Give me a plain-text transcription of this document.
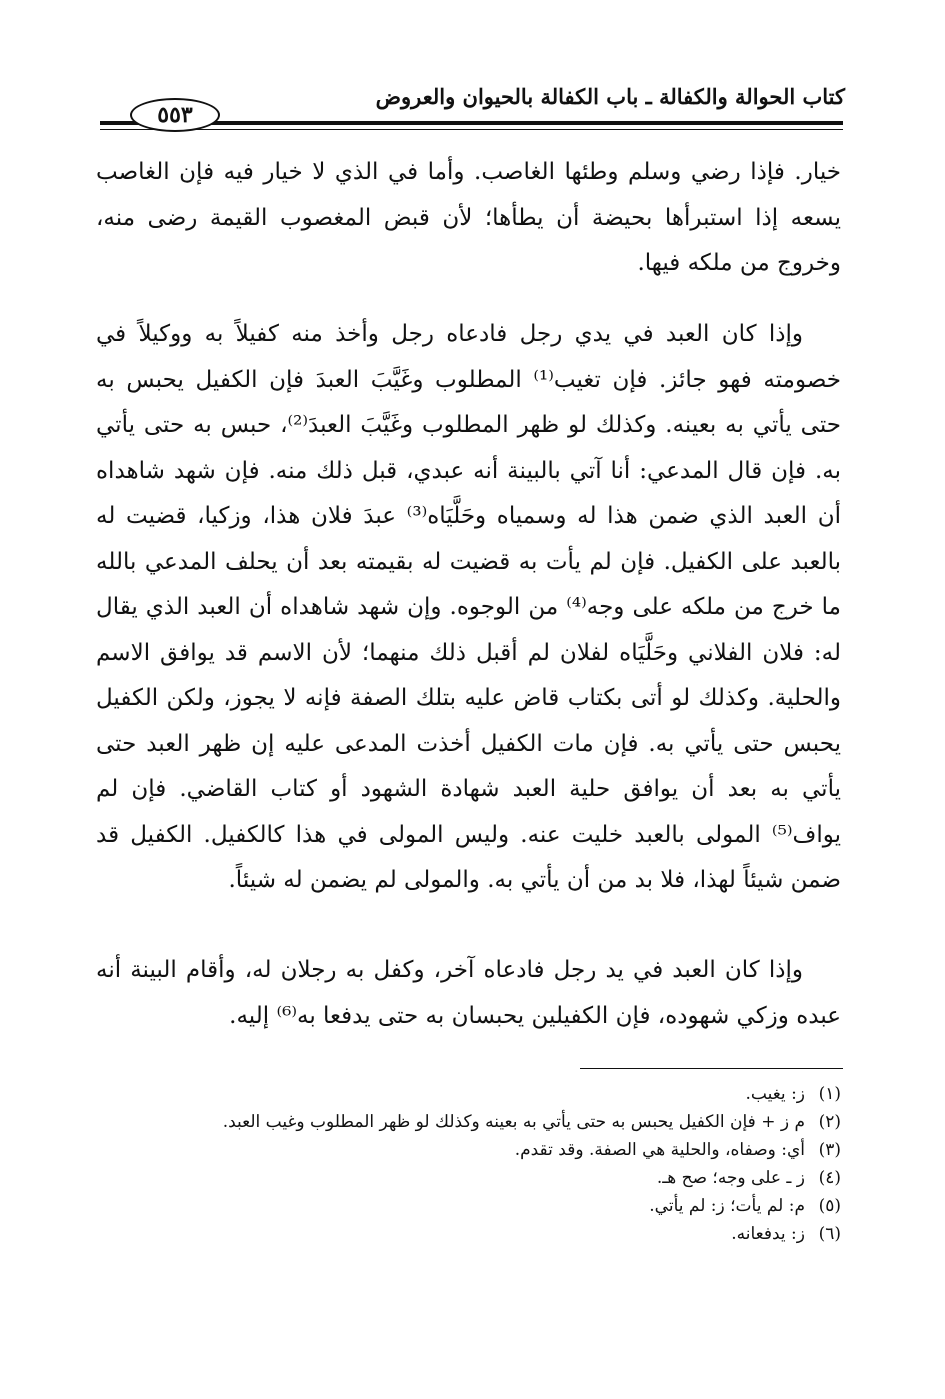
كتاب الحوالة والكفالة ـ باب الكفالة بالحيوان والعروض
٥٥٣

خيار. فإذا رضي وسلم وطئها الغاصب. وأما في الذي لا خيار فيه فإن الغاصب يسعه إذا استبرأها بحيضة أن يطأها؛ لأن قبض المغصوب القيمة رضى منه، وخروج من ملكه فيها.

وإذا كان العبد في يدي رجل فادعاه رجل وأخذ منه كفيلاً به ووكيلاً في خصومته فهو جائز. فإن تغيب⁽¹⁾ المطلوب وغَيَّبَ العبدَ فإن الكفيل يحبس به حتى يأتي به بعينه. وكذلك لو ظهر المطلوب وغَيَّبَ العبدَ⁽²⁾، حبس به حتى يأتي به. فإن قال المدعي: أنا آتي بالبينة أنه عبدي، قبل ذلك منه. فإن شهد شاهداه أن العبد الذي ضمن هذا له وسمياه وحَلَّيَاه⁽³⁾ عبدَ فلان هذا، وزكيا، قضيت له بالعبد على الكفيل. فإن لم يأت به قضيت له بقيمته بعد أن يحلف المدعي بالله ما خرج من ملكه على وجه⁽⁴⁾ من الوجوه. وإن شهد شاهداه أن العبد الذي يقال له: فلان الفلاني وحَلَّيَاه لفلان لم أقبل ذلك منهما؛ لأن الاسم قد يوافق الاسم والحلية. وكذلك لو أتى بكتاب قاض عليه بتلك الصفة فإنه لا يجوز، ولكن الكفيل يحبس حتى يأتي به. فإن مات الكفيل أخذت المدعى عليه إن ظهر العبد حتى يأتي به بعد أن يوافق حلية العبد شهادة الشهود أو كتاب القاضي. فإن لم يواف⁽⁵⁾ المولى بالعبد خليت عنه. وليس المولى في هذا كالكفيل. الكفيل قد ضمن شيئاً لهذا، فلا بد من أن يأتي به. والمولى لم يضمن له شيئاً.

وإذا كان العبد في يد رجل فادعاه آخر، وكفل به رجلان له، وأقام البينة أنه عبده وزكي شهوده، فإن الكفيلين يحبسان به حتى يدفعا به⁽⁶⁾ إليه.

(١)
ز: يغيب.
(٢)
م ز + فإن الكفيل يحبس به حتى يأتي به بعينه وكذلك لو ظهر المطلوب وغيب العبد.
(٣)
أي: وصفاه، والحلية هي الصفة. وقد تقدم.
(٤)
ز ـ على وجه؛ صح هـ.
(٥)
م: لم يأت؛ ز: لم يأتي.
(٦)
ز: يدفعانه.
